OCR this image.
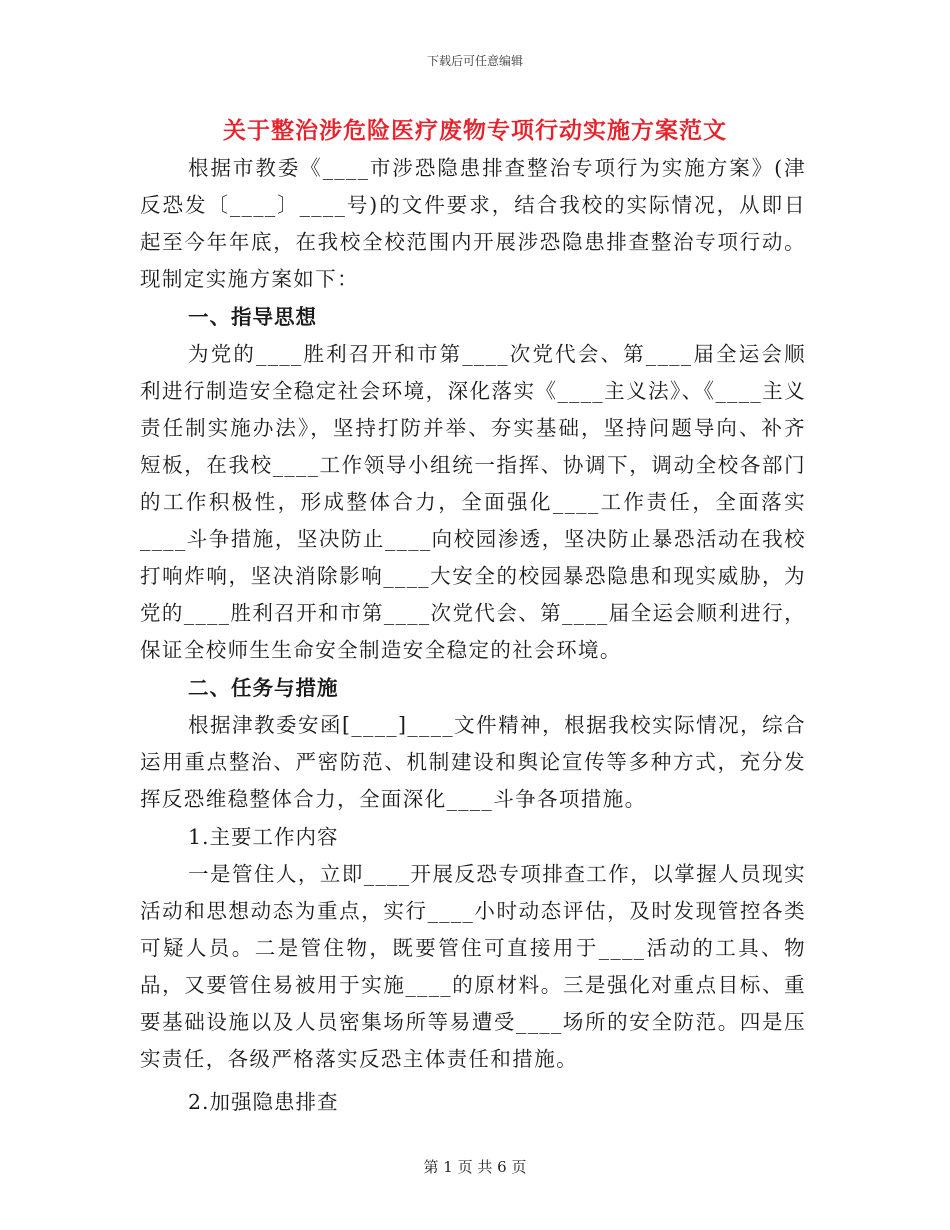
下载后可任意编辑
关于整治涉危险医疗废物专项行动实施方案范文

根据市教委《____市涉恐隐患排查整治专项行为实施方案》(津反恐发〔____〕____号)的文件要求，结合我校的实际情况，从即日起至今年年底，在我校全校范围内开展涉恐隐患排查整治专项行动。现制定实施方案如下：

一、指导思想

为党的____胜利召开和市第____次党代会、第____届全运会顺利进行制造安全稳定社会环境，深化落实《____主义法》、《____主义责任制实施办法》，坚持打防并举、夯实基础，坚持问题导向、补齐短板，在我校____工作领导小组统一指挥、协调下，调动全校各部门的工作积极性，形成整体合力，全面强化____工作责任，全面落实____斗争措施，坚决防止____向校园渗透，坚决防止暴恐活动在我校打响炸响，坚决消除影响____大安全的校园暴恐隐患和现实威胁，为党的____胜利召开和市第____次党代会、第____届全运会顺利进行，保证全校师生生命安全制造安全稳定的社会环境。

二、任务与措施

根据津教委安函[____]____文件精神，根据我校实际情况，综合运用重点整治、严密防范、机制建设和舆论宣传等多种方式，充分发挥反恐维稳整体合力，全面深化____斗争各项措施。

1.主要工作内容

一是管住人，立即____开展反恐专项排查工作，以掌握人员现实活动和思想动态为重点，实行____小时动态评估，及时发现管控各类可疑人员。二是管住物，既要管住可直接用于____活动的工具、物品，又要管住易被用于实施____的原材料。三是强化对重点目标、重要基础设施以及人员密集场所等易遭受____场所的安全防范。四是压实责任，各级严格落实反恐主体责任和措施。

2.加强隐患排查

第 1 页 共 6 页
